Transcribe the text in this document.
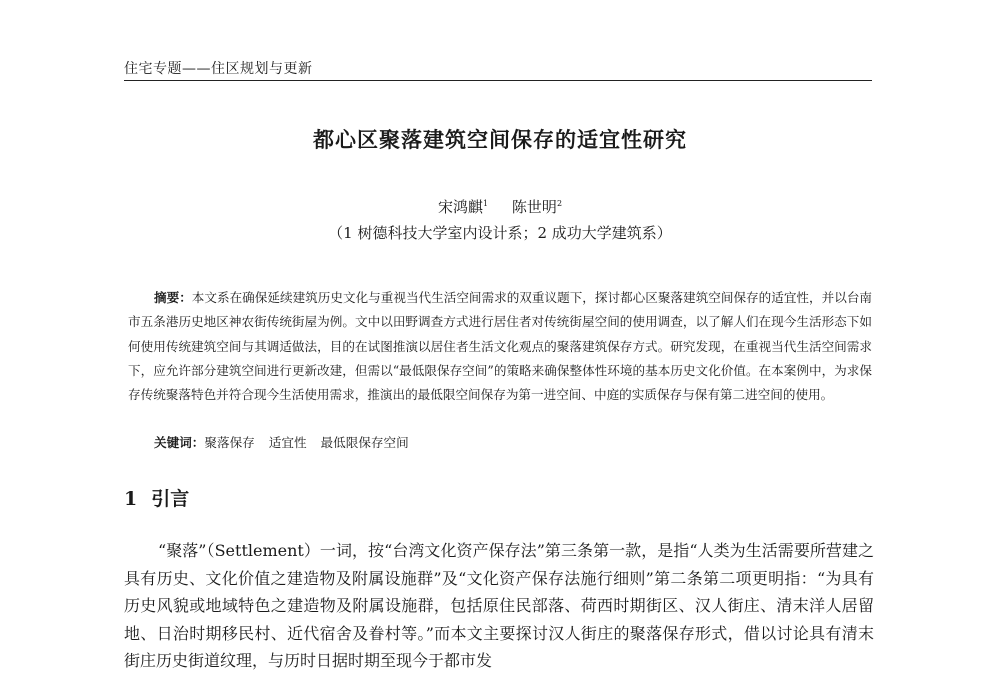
住宅专题——住区规划与更新
都心区聚落建筑空间保存的适宜性研究
宋鸿麒$^1$ 陈世明$^2$
（1 树德科技大学室内设计系；2 成功大学建筑系）
摘要：本文系在确保延续建筑历史文化与重视当代生活空间需求的双重议题下，探讨都心区聚落建筑空间保存的适宜性，并以台南市五条港历史地区神农街传统街屋为例。文中以田野调查方式进行居住者对传统街屋空间的使用调查，以了解人们在现今生活形态下如何使用传统建筑空间与其调适做法，目的在试图推演以居住者生活文化观点的聚落建筑保存方式。研究发现，在重视当代生活空间需求下，应允许部分建筑空间进行更新改建，但需以“最低限保存空间”的策略来确保整体性环境的基本历史文化价值。在本案例中，为求保存传统聚落特色并符合现今生活使用需求，推演出的最低限空间保存为第一进空间、中庭的实质保存与保有第二进空间的使用。
关键词：聚落保存 适宜性 最低限保存空间
1 引言
“聚落”（Settlement）一词，按“台湾文化资产保存法”第三条第一款，是指“人类为生活需要所营建之具有历史、文化价值之建造物及附属设施群”及“文化资产保存法施行细则”第二条第二项更明指：“为具有历史风貌或地域特色之建造物及附属设施群，包括原住民部落、荷西时期街区、汉人街庄、清末洋人居留地、日治时期移民村、近代宿舍及眷村等。”而本文主要探讨汉人街庄的聚落保存形式，借以讨论具有清末街庄历史街道纹理，与历时日据时期至现今于都市发
